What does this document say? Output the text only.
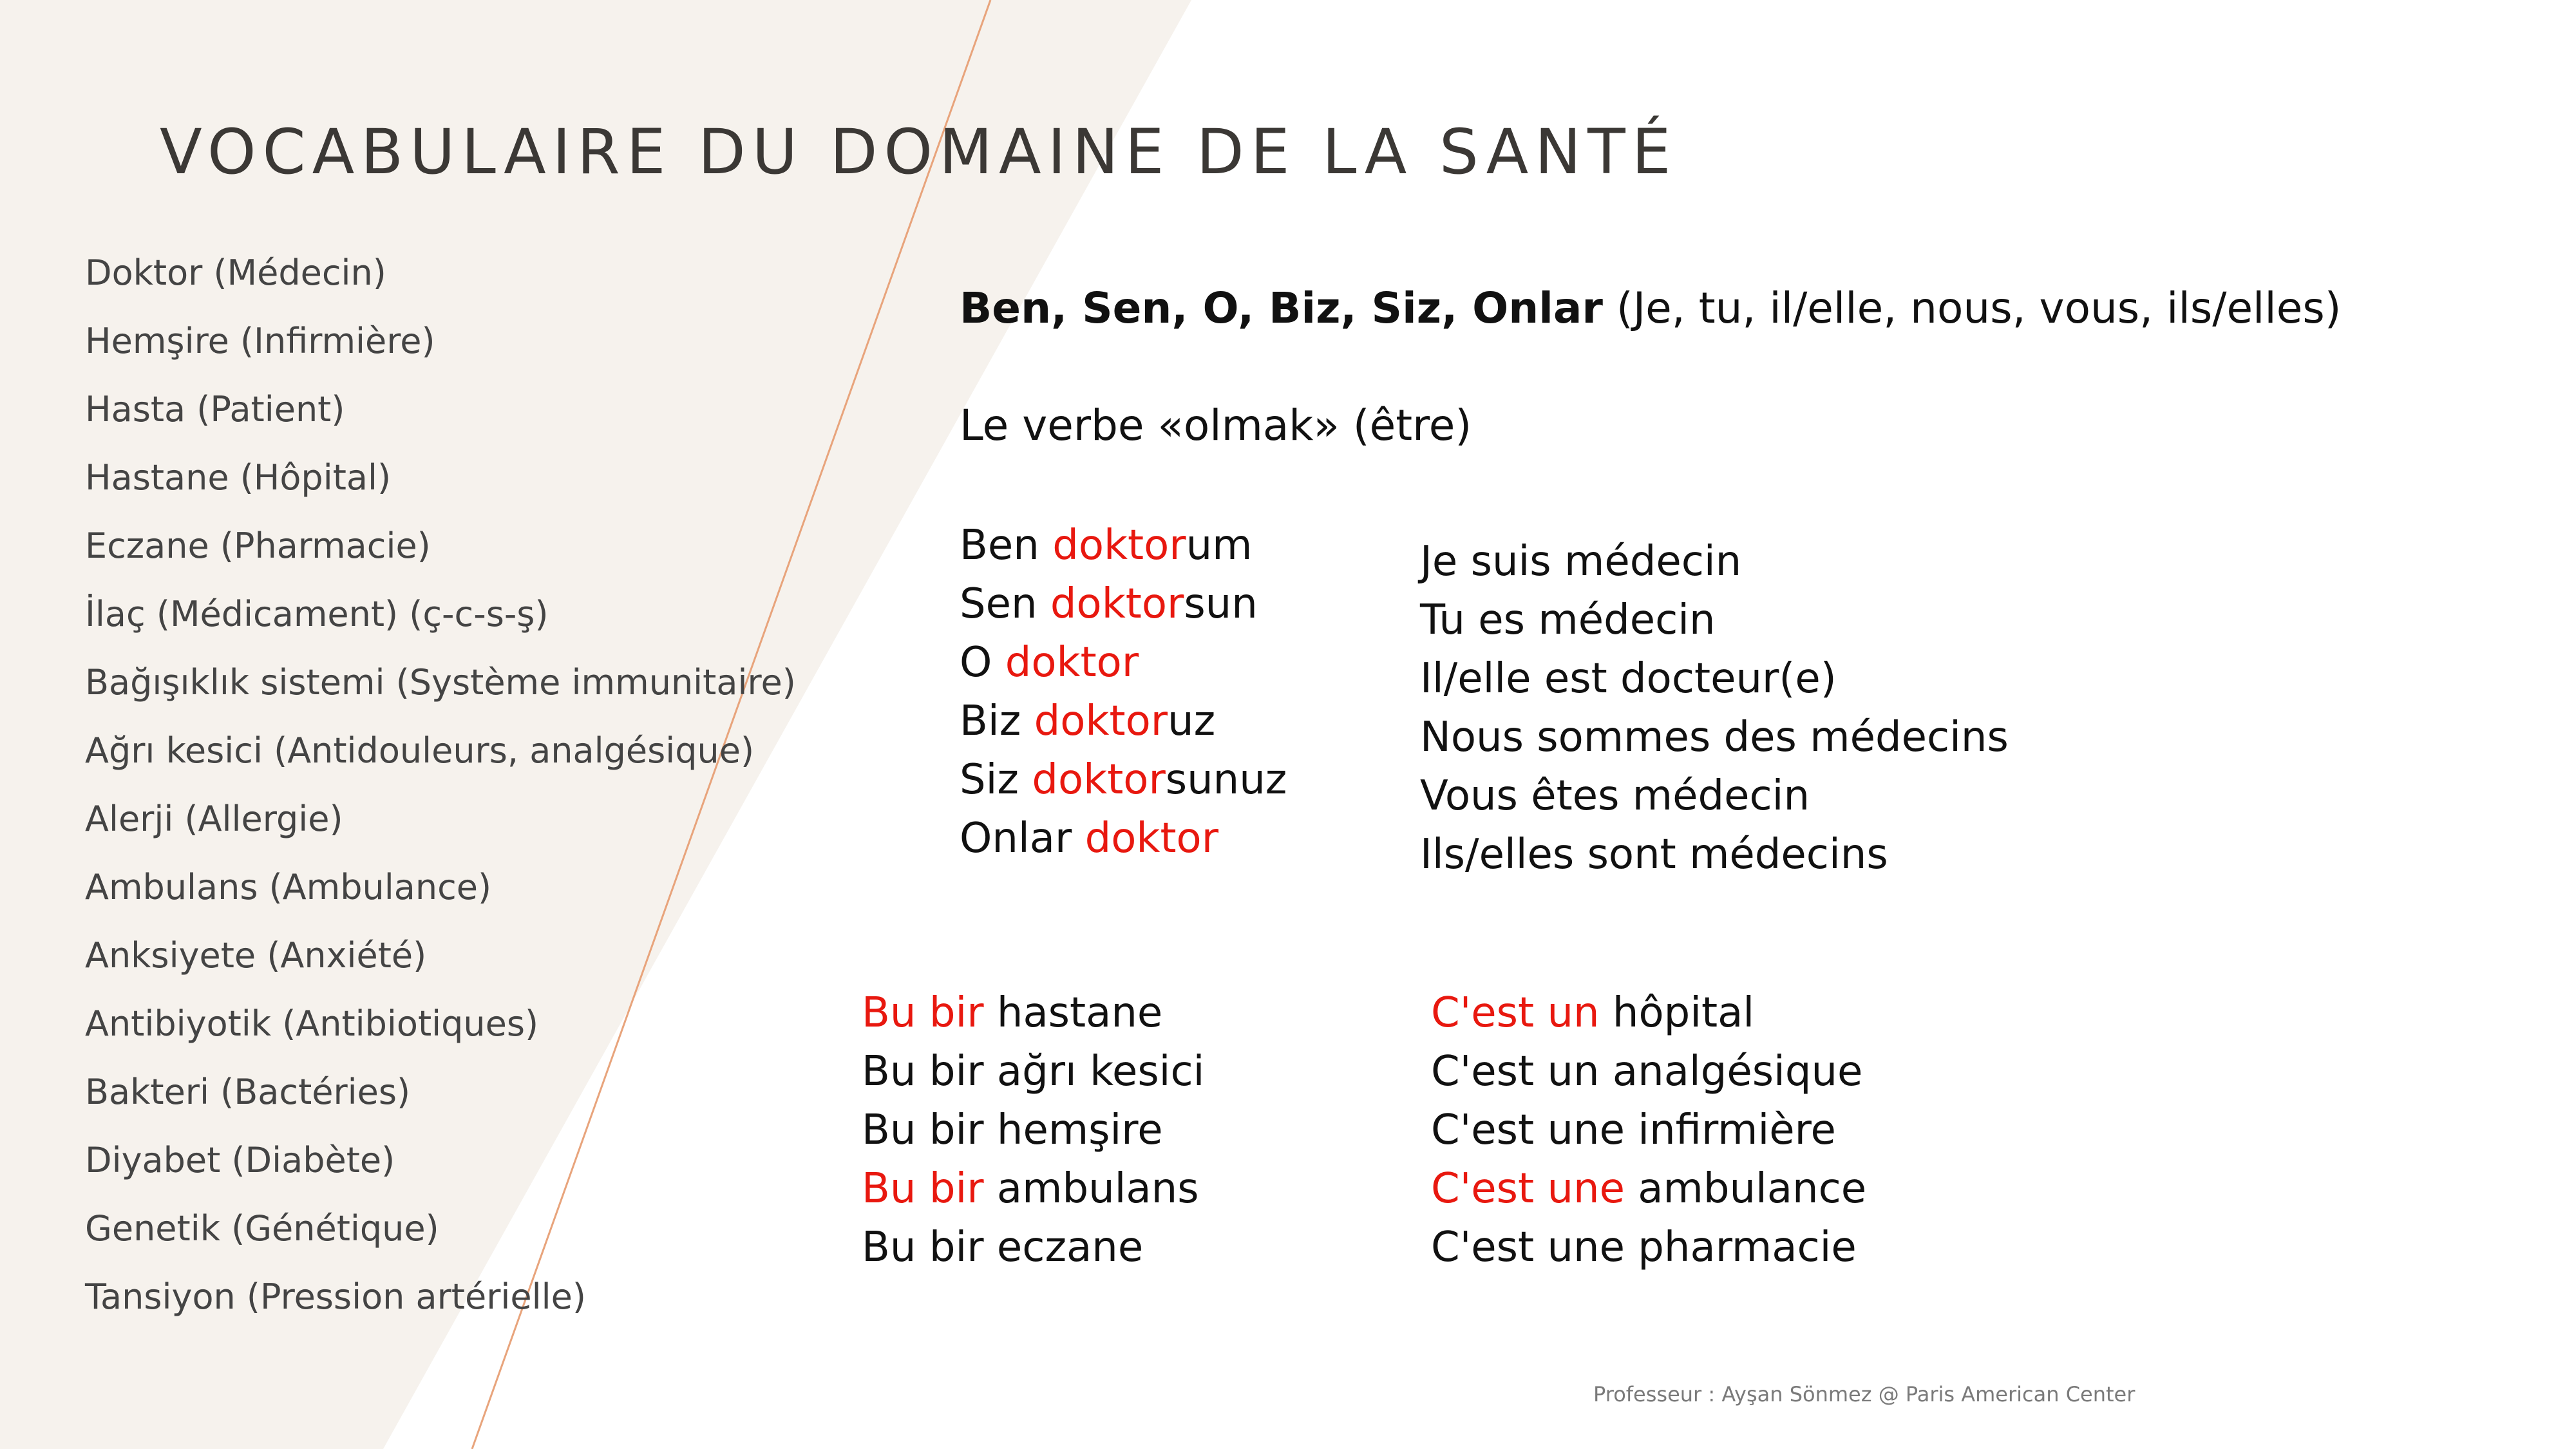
VOCABULAIRE DU DOMAINE DE LA SANTÉ
Doktor (Médecin)
Hemşire (Infirmière)
Hasta (Patient)
Hastane (Hôpital)
Eczane (Pharmacie)
İlaç (Médicament) (ç-c-s-ş)
Bağışıklık sistemi (Système immunitaire)
Ağrı kesici (Antidouleurs, analgésique)
Alerji (Allergie)
Ambulans (Ambulance)
Anksiyete (Anxiété)
Antibiyotik (Antibiotiques)
Bakteri (Bactéries)
Diyabet (Diabète)
Genetik (Génétique)
Tansiyon (Pression artérielle)
Ben, Sen, O, Biz, Siz, Onlar (Je, tu, il/elle, nous, vous, ils/elles)
Le verbe «olmak» (être)
Ben doktorum
Sen doktorsun
O doktor
Biz doktoruz
Siz doktorsunuz
Onlar doktor
Je suis médecin
Tu es médecin
Il/elle est docteur(e)
Nous sommes des médecins
Vous êtes médecin
Ils/elles sont médecins
Bu bir hastane
Bu bir ağrı kesici
Bu bir hemşire
Bu bir ambulans
Bu bir eczane
C'est un hôpital
C'est un analgésique
C'est une infirmière
C'est une ambulance
C'est une pharmacie
Professeur : Ayşan Sönmez @ Paris American Center
